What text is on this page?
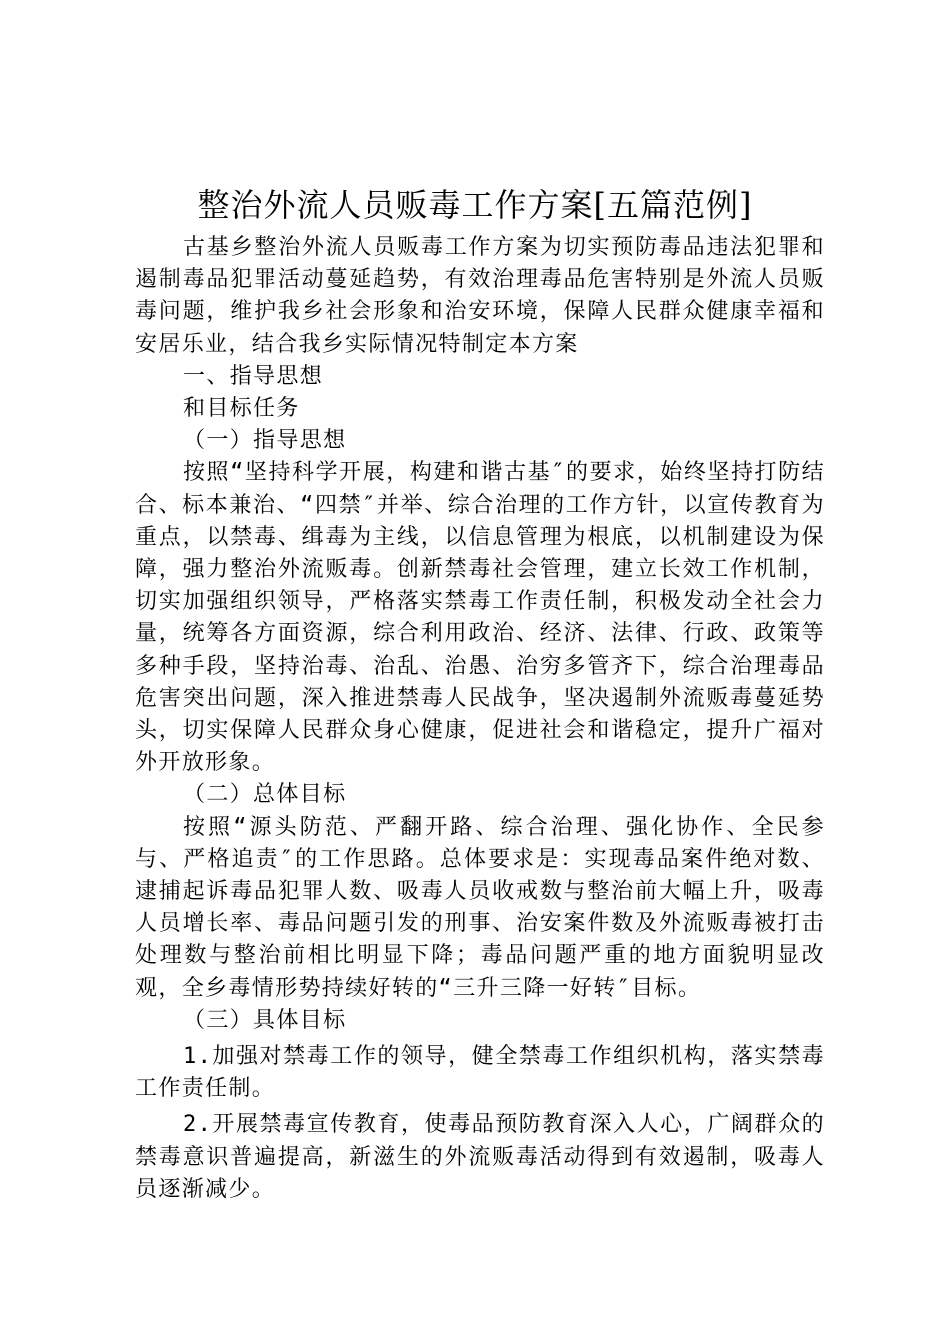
整治外流人员贩毒工作方案[五篇范例]

古基乡整治外流人员贩毒工作方案为切实预防毒品违法犯罪和遏制毒品犯罪活动蔓延趋势，有效治理毒品危害特别是外流人员贩毒问题，维护我乡社会形象和治安环境，保障人民群众健康幸福和安居乐业，结合我乡实际情况特制定本方案

一、指导思想

和目标任务

（一）指导思想

按照“坚持科学开展，构建和谐古基″的要求，始终坚持打防结合、标本兼治、“四禁″并举、综合治理的工作方针，以宣传教育为重点，以禁毒、缉毒为主线，以信息管理为根底，以机制建设为保障，强力整治外流贩毒。创新禁毒社会管理，建立长效工作机制，切实加强组织领导，严格落实禁毒工作责任制，积极发动全社会力量，统筹各方面资源，综合利用政治、经济、法律、行政、政策等多种手段，坚持治毒、治乱、治愚、治穷多管齐下，综合治理毒品危害突出问题，深入推进禁毒人民战争，坚决遏制外流贩毒蔓延势头，切实保障人民群众身心健康，促进社会和谐稳定，提升广福对外开放形象。

（二）总体目标

按照“源头防范、严翻开路、综合治理、强化协作、全民参与、严格追责″的工作思路。总体要求是：实现毒品案件绝对数、逮捕起诉毒品犯罪人数、吸毒人员收戒数与整治前大幅上升，吸毒人员增长率、毒品问题引发的刑事、治安案件数及外流贩毒被打击处理数与整治前相比明显下降；毒品问题严重的地方面貌明显改观，全乡毒情形势持续好转的“三升三降一好转″目标。

（三）具体目标

1.加强对禁毒工作的领导，健全禁毒工作组织机构，落实禁毒工作责任制。

2.开展禁毒宣传教育，使毒品预防教育深入人心，广阔群众的禁毒意识普遍提高，新滋生的外流贩毒活动得到有效遏制，吸毒人员逐渐减少。
